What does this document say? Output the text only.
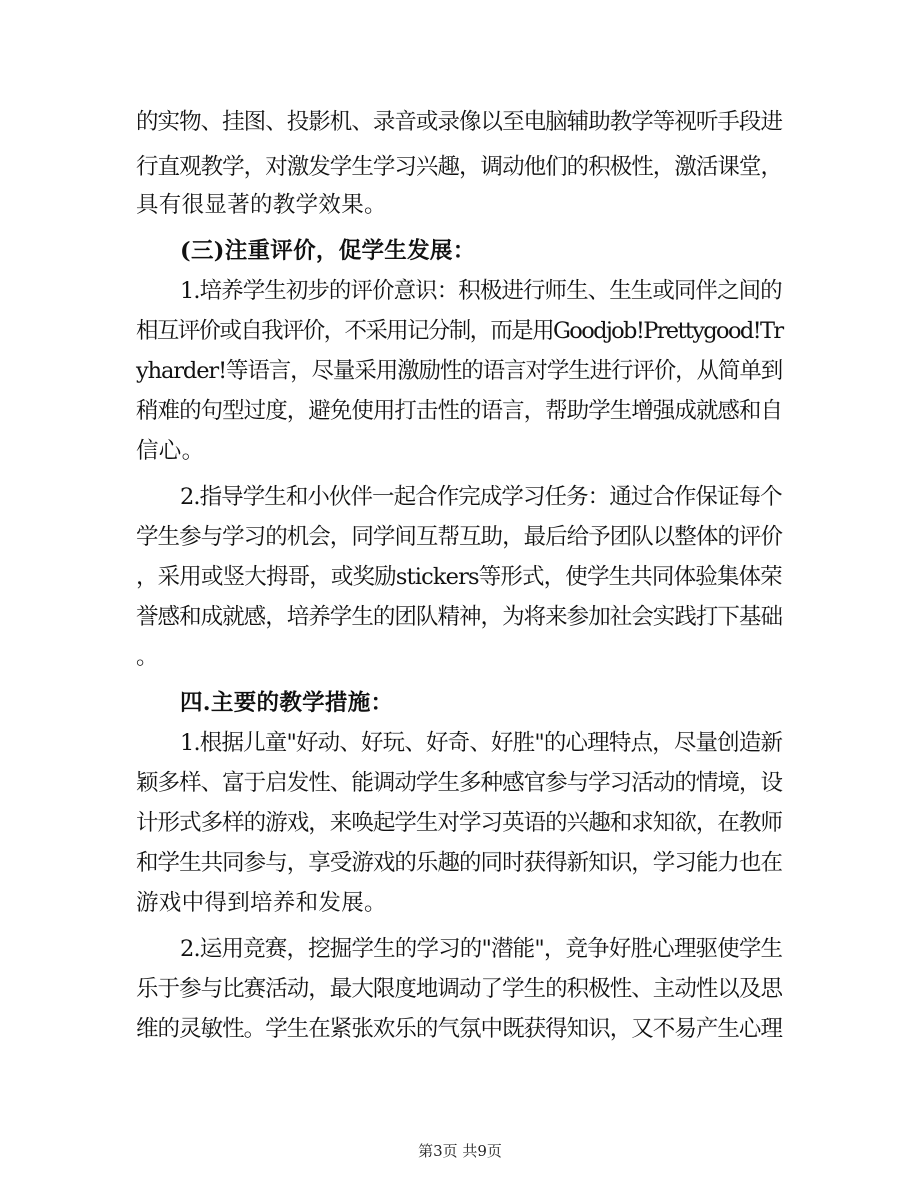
的实物、挂图、投影机、录音或录像以至电脑辅助教学等视听手段进
行直观教学，对激发学生学习兴趣，调动他们的积极性，激活课堂，
具有很显著的教学效果。
(三)注重评价，促学生发展：
1.培养学生初步的评价意识：积极进行师生、生生或同伴之间的
相互评价或自我评价，不采用记分制，而是用Goodjob!Prettygood!Tr
yharder!等语言，尽量采用激励性的语言对学生进行评价，从简单到
稍难的句型过度，避免使用打击性的语言，帮助学生增强成就感和自
信心。
2.指导学生和小伙伴一起合作完成学习任务：通过合作保证每个
学生参与学习的机会，同学间互帮互助，最后给予团队以整体的评价
，采用或竖大拇哥，或奖励stickers等形式，使学生共同体验集体荣
誉感和成就感，培养学生的团队精神，为将来参加社会实践打下基础
。
四.主要的教学措施：
1.根据儿童"好动、好玩、好奇、好胜"的心理特点，尽量创造新
颖多样、富于启发性、能调动学生多种感官参与学习活动的情境，设
计形式多样的游戏，来唤起学生对学习英语的兴趣和求知欲，在教师
和学生共同参与，享受游戏的乐趣的同时获得新知识，学习能力也在
游戏中得到培养和发展。
2.运用竞赛，挖掘学生的学习的"潜能"，竞争好胜心理驱使学生
乐于参与比赛活动，最大限度地调动了学生的积极性、主动性以及思
维的灵敏性。学生在紧张欢乐的气氛中既获得知识，又不易产生心理
第3页 共9页
